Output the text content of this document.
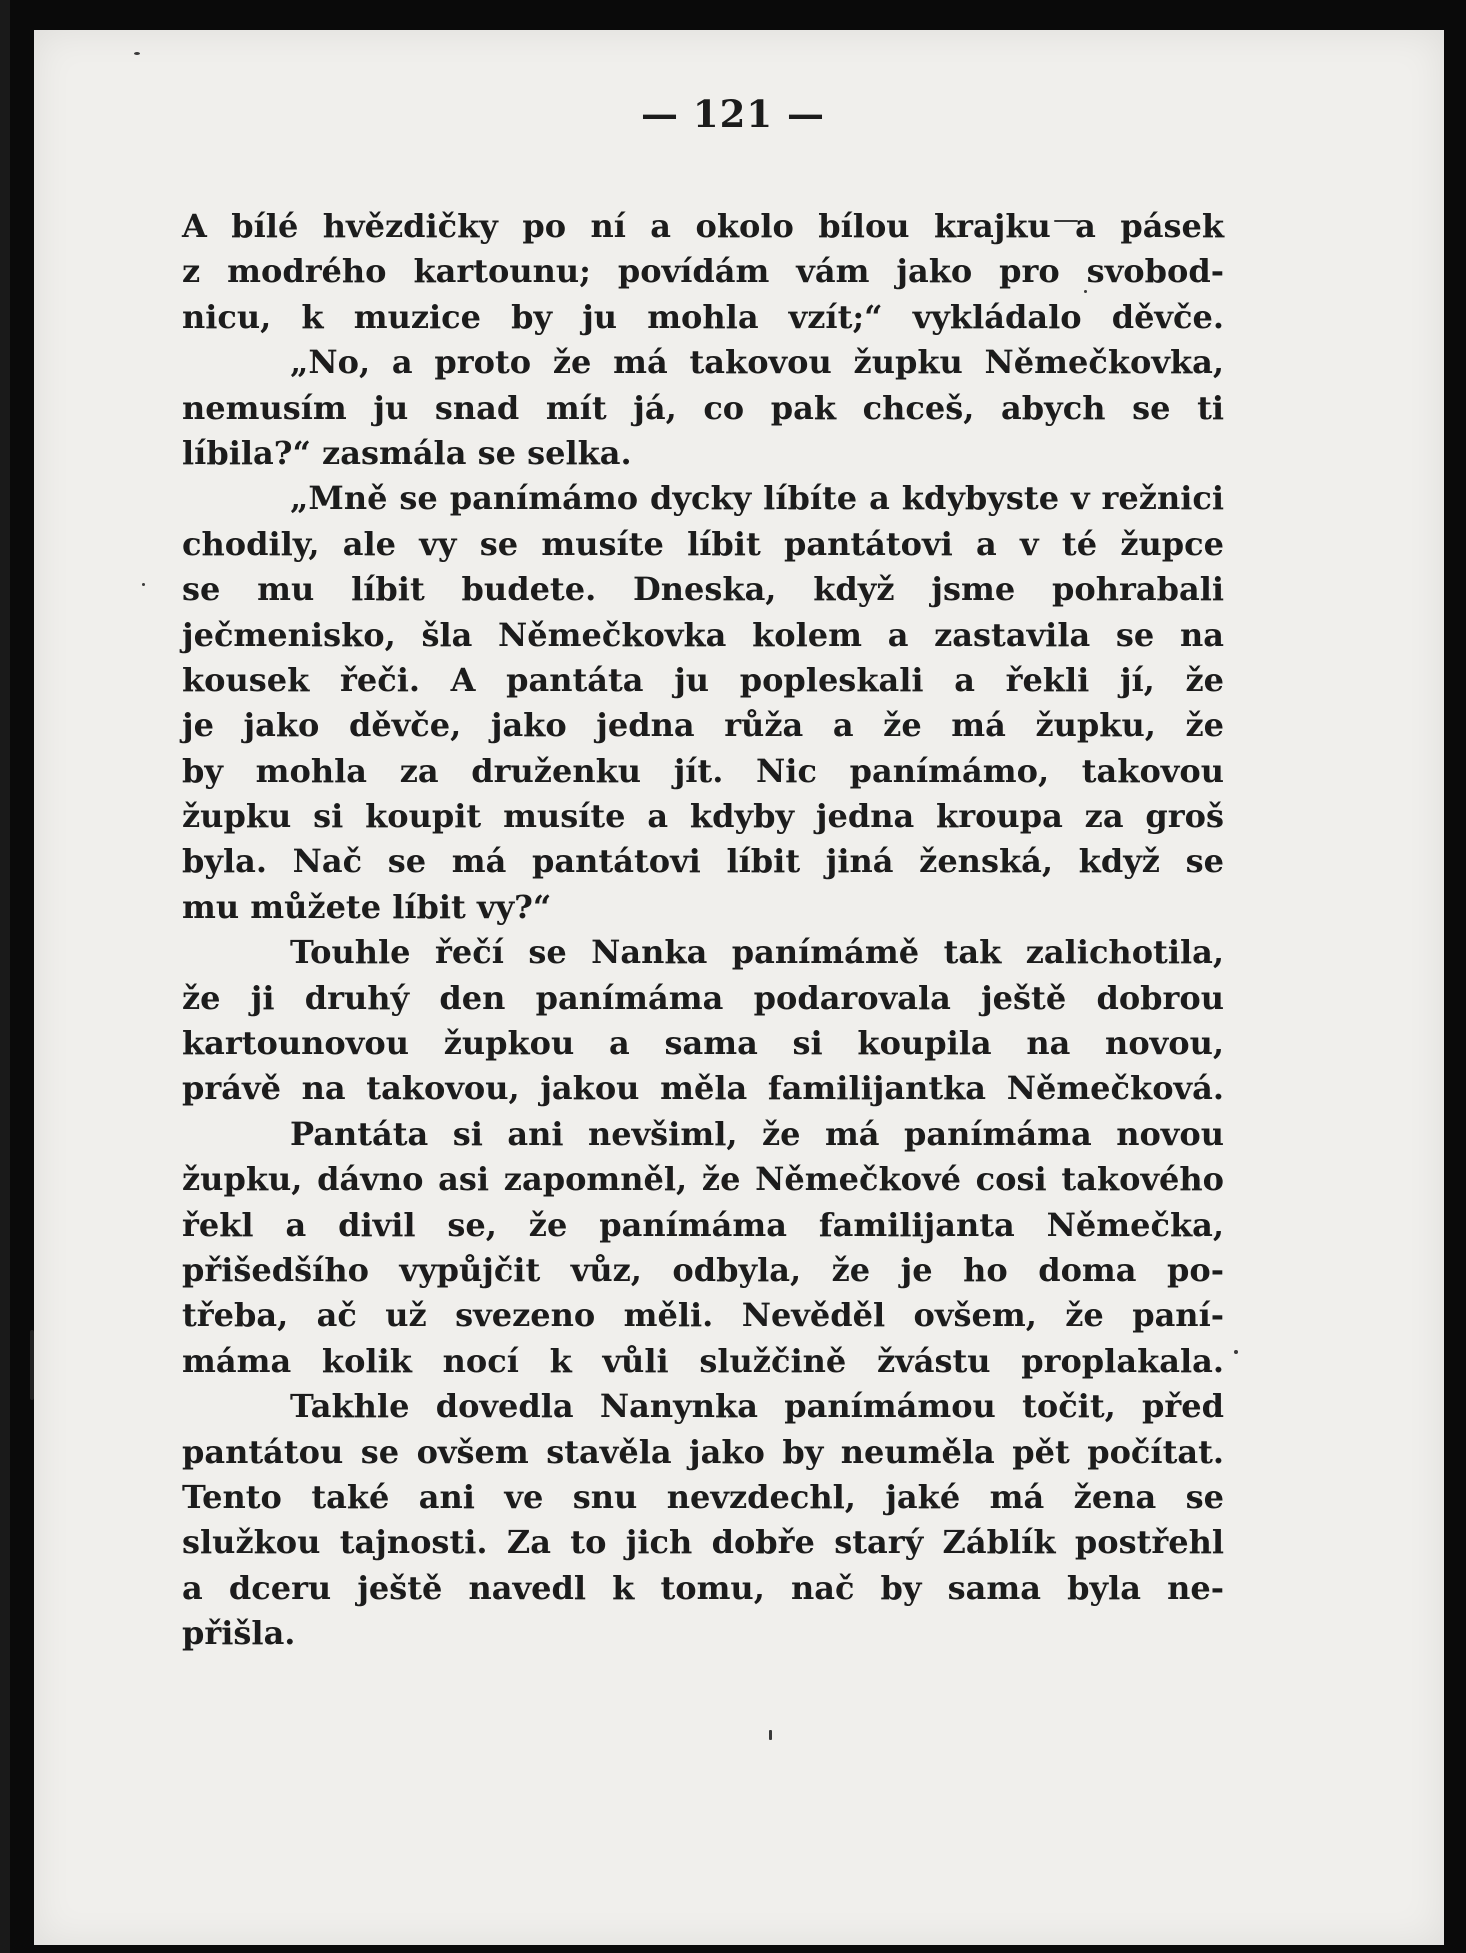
— 121 —
A bílé hvězdičky po ní a okolo bílou krajku a pásek
z modrého kartounu; povídám vám jako pro svobod-
nicu, k muzice by ju mohla vzít;“ vykládalo děvče.
„No, a proto že má takovou župku Němečkovka,
nemusím ju snad mít já, co pak chceš, abych se ti
líbila?“ zasmála se selka.
„Mně se panímámo dycky líbíte a kdybyste v režnici
chodily, ale vy se musíte líbit pantátovi a v té župce
se mu líbit budete. Dneska, když jsme pohrabali
ječmenisko, šla Němečkovka kolem a zastavila se na
kousek řeči. A pantáta ju popleskali a řekli jí, že
je jako děvče, jako jedna růža a že má župku, že
by mohla za druženku jít. Nic panímámo, takovou
župku si koupit musíte a kdyby jedna kroupa za groš
byla. Nač se má pantátovi líbit jiná ženská, když se
mu můžete líbit vy?“
Touhle řečí se Nanka panímámě tak zalichotila,
že ji druhý den panímáma podarovala ještě dobrou
kartounovou župkou a sama si koupila na novou,
právě na takovou, jakou měla familijantka Němečková.
Pantáta si ani nevšiml, že má panímáma novou
župku, dávno asi zapomněl, že Němečkové cosi takového
řekl a divil se, že panímáma familijanta Němečka,
přišedšího vypůjčit vůz, odbyla, že je ho doma po-
třeba, ač už svezeno měli. Nevěděl ovšem, že paní-
máma kolik nocí k vůli služčině žvástu proplakala.
Takhle dovedla Nanynka panímámou točit, před
pantátou se ovšem stavěla jako by neuměla pět počítat.
Tento také ani ve snu nevzdechl, jaké má žena se
služkou tajnosti. Za to jich dobře starý Záblík postřehl
a dceru ještě navedl k tomu, nač by sama byla ne-
přišla.
